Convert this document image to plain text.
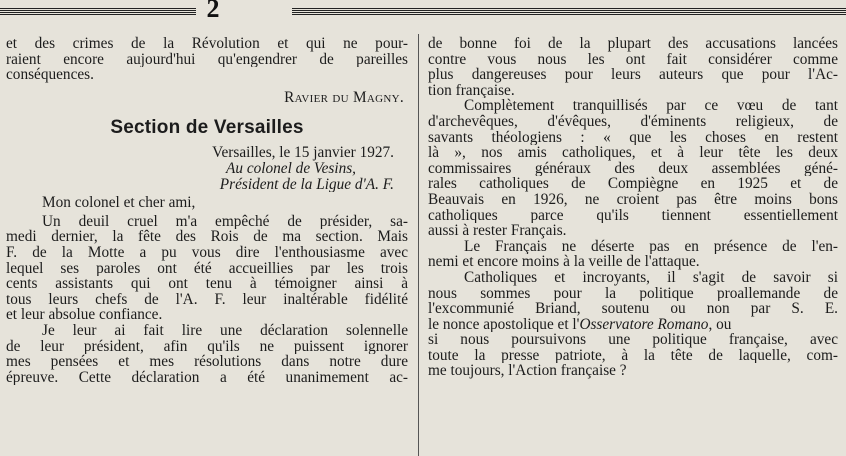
2
et des crimes de la Révolution et qui ne pour-
raient encore aujourd'hui qu'engendrer de pareilles
conséquences.
Ravier du Magny.
Section de Versailles
Versailles, le 15 janvier 1927.
Au colonel de Vesins,
Président de la Ligue d'A. F.
Mon colonel et cher ami,
Un deuil cruel m'a empêché de présider, sa-
medi dernier, la fête des Rois de ma section. Mais
F. de la Motte a pu vous dire l'enthousiasme avec
lequel ses paroles ont été accueillies par les trois
cents assistants qui ont tenu à témoigner ainsi à
tous leurs chefs de l'A. F. leur inaltérable fidélité
et leur absolue confiance.
Je leur ai fait lire une déclaration solennelle
de leur président, afin qu'ils ne puissent ignorer
mes pensées et mes résolutions dans notre dure
épreuve. Cette déclaration a été unanimement ac-
de bonne foi de la plupart des accusations lancées
contre vous nous les ont fait considérer comme
plus dangereuses pour leurs auteurs que pour l'Ac-
tion française.
Complètement tranquillisés par ce vœu de tant
d'archevêques, d'évêques, d'éminents religieux, de
savants théologiens : « que les choses en restent
là », nos amis catholiques, et à leur tête les deux
commissaires généraux des deux assemblées géné-
rales catholiques de Compiègne en 1925 et de
Beauvais en 1926, ne croient pas être moins bons
catholiques parce qu'ils tiennent essentiellement
aussi à rester Français.
Le Français ne déserte pas en présence de l'en-
nemi et encore moins à la veille de l'attaque.
Catholiques et incroyants, il s'agit de savoir si
nous sommes pour la politique proallemande de
l'excommunié Briand, soutenu ou non par S. E.
le nonce apostolique et l' Osservatore Romano , ou
si nous poursuivons une politique française, avec
toute la presse patriote, à la tête de laquelle, com-
me toujours, l'Action française ?
